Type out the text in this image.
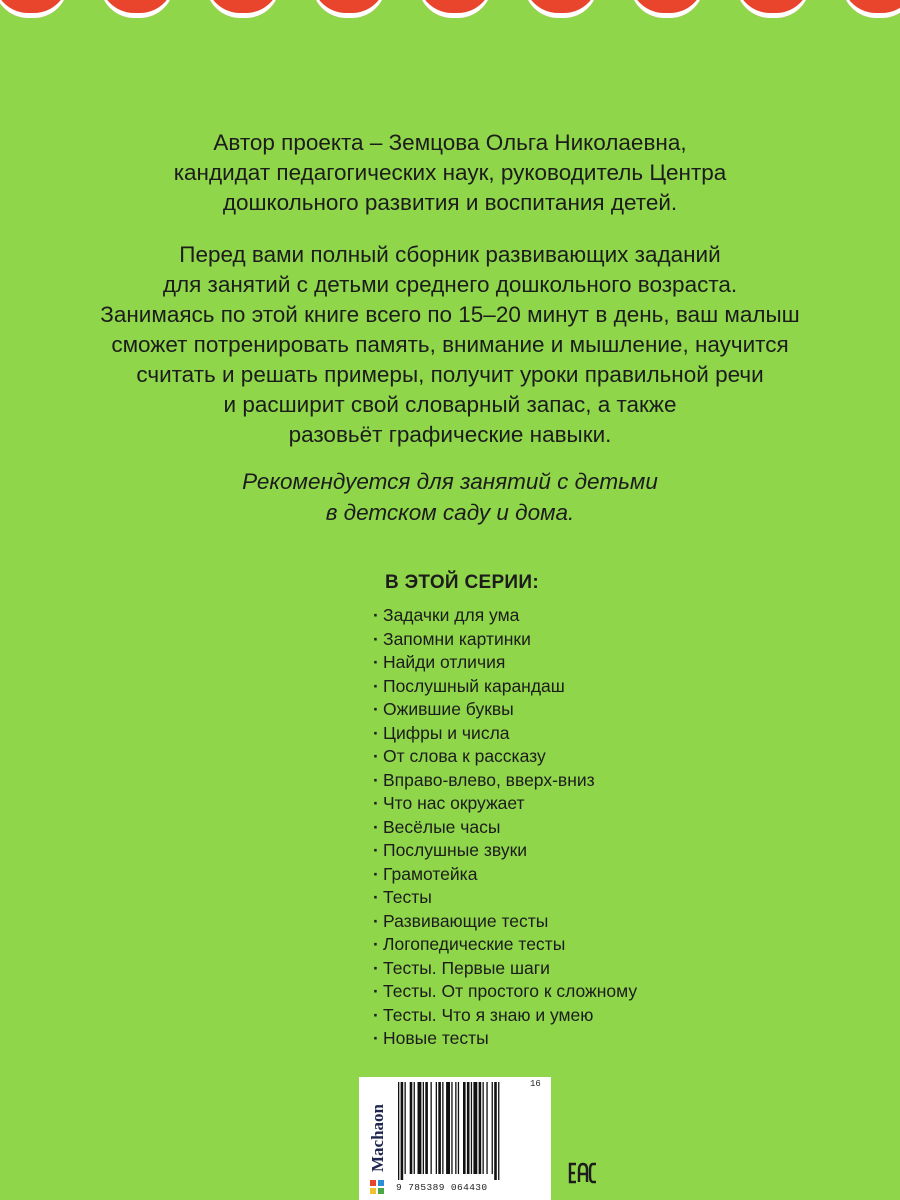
Автор проекта – Земцова Ольга Николаевна,
кандидат педагогических наук, руководитель Центра
дошкольного развития и воспитания детей.

Перед вами полный сборник развивающих заданий
для занятий с детьми среднего дошкольного возраста.
Занимаясь по этой книге всего по 15–20 минут в день, ваш малыш
сможет потренировать память, внимание и мышление, научится
считать и решать примеры, получит уроки правильной речи
и расширит свой словарный запас, а также
разовьёт графические навыки.

Рекомендуется для занятий с детьми
в детском саду и дома.
В ЭТОЙ СЕРИИ:
· Задачки для ума
· Запомни картинки
· Найди отличия
· Послушный карандаш
· Ожившие буквы
· Цифры и числа
· От слова к рассказу
· Вправо-влево, вверх-вниз
· Что нас окружает
· Весёлые часы
· Послушные звуки
· Грамотейка
· Тесты
· Развивающие тесты
· Логопедические тесты
· Тесты. Первые шаги
· Тесты. От простого к сложному
· Тесты. Что я знаю и умею
· Новые тесты
Machaon
9 785389 064430
16
